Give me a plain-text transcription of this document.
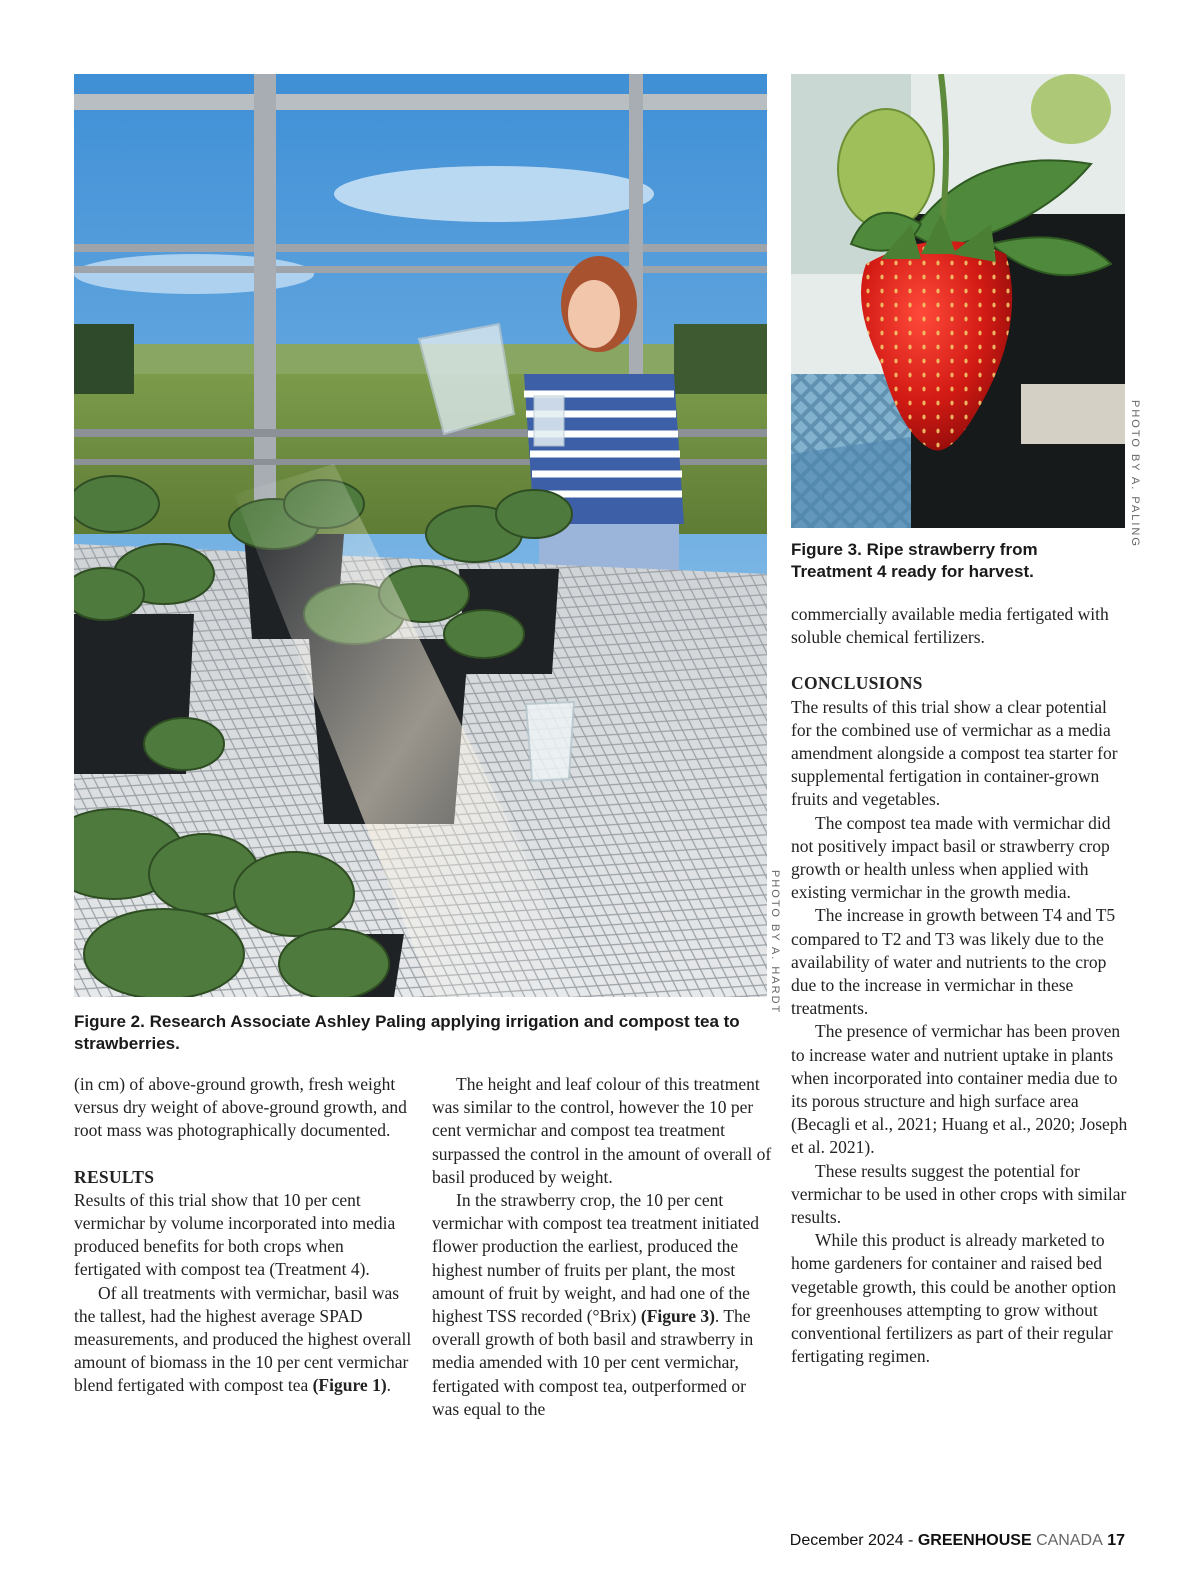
PHOTO BY A. HARDT
PHOTO BY A. PALING
Figure 2. Research Associate Ashley Paling applying irrigation and compost tea to strawberries.
Figure 3. Ripe strawberry from Treatment 4 ready for harvest.

(in cm) of above-ground growth, fresh weight versus dry weight of above-ground growth, and root mass was photographically documented.

RESULTS

Results of this trial show that 10 per cent vermichar by volume incorporated into media produced benefits for both crops when fertigated with compost tea (Treatment 4).

Of all treatments with vermichar, basil was the tallest, had the highest average SPAD measurements, and produced the highest overall amount of biomass in the 10 per cent vermichar blend fertigated with compost tea (Figure 1).

The height and leaf colour of this treatment was similar to the control, however the 10 per cent vermichar and compost tea treatment surpassed the control in the amount of overall of basil produced by weight.

In the strawberry crop, the 10 per cent vermichar with compost tea treatment initiated flower production the earliest, produced the highest number of fruits per plant, the most amount of fruit by weight, and had one of the highest TSS recorded (°Brix) (Figure 3). The overall growth of both basil and strawberry in media amended with 10 per cent vermichar, fertigated with compost tea, outperformed or was equal to the

commercially available media fertigated with soluble chemical fertilizers.

CONCLUSIONS

The results of this trial show a clear potential for the combined use of vermichar as a media amendment alongside a compost tea starter for supplemental fertigation in container-grown fruits and vegetables.

The compost tea made with vermichar did not positively impact basil or strawberry crop growth or health unless when applied with existing vermichar in the growth media.

The increase in growth between T4 and T5 compared to T2 and T3 was likely due to the availability of water and nutrients to the crop due to the increase in vermichar in these treatments.

The presence of vermichar has been proven to increase water and nutrient uptake in plants when incorporated into container media due to its porous structure and high surface area (Becagli et al., 2021; Huang et al., 2020; Joseph et al. 2021).

These results suggest the potential for vermichar to be used in other crops with similar results.

While this product is already marketed to home gardeners for container and raised bed vegetable growth, this could be another option for greenhouses attempting to grow without conventional fertilizers as part of their regular fertigating regimen.

December 2024 - GREENHOUSE CANADA 17
